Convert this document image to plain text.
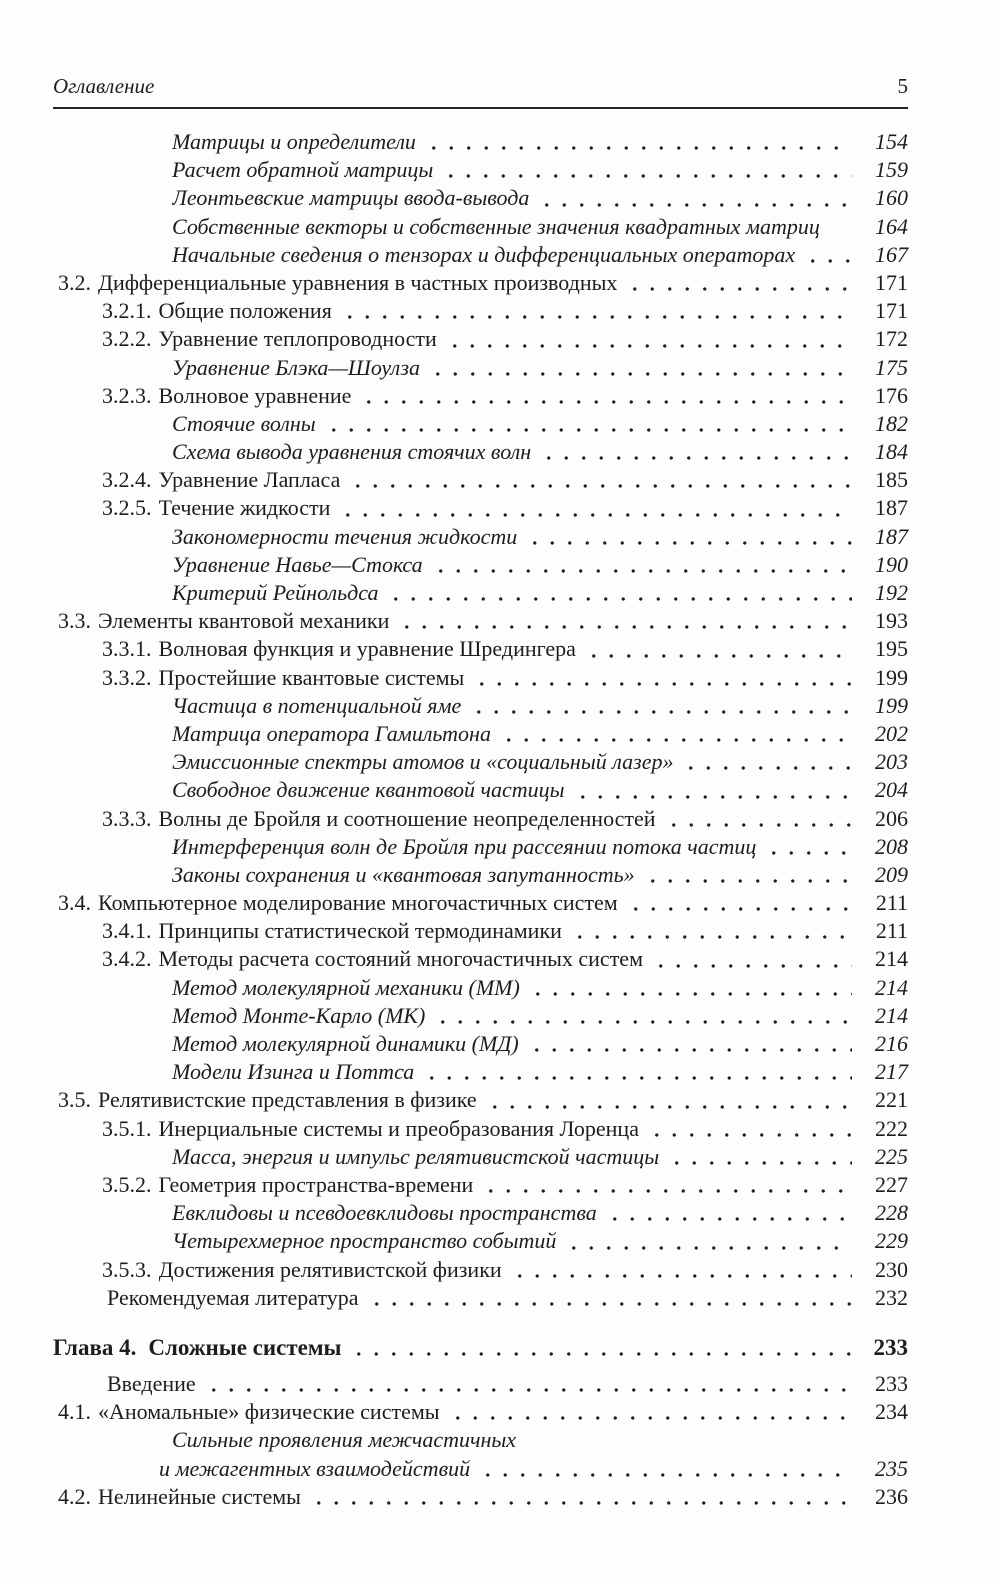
Оглавление	5
Матрицы и определители	154
Расчет обратной матрицы	159
Леонтьевские матрицы ввода-вывода	160
Собственные векторы и собственные значения квадратных матриц	164
Начальные сведения о тензорах и дифференциальных операторах	167
3.2. Дифференциальные уравнения в частных производных	171
3.2.1. Общие положения	171
3.2.2. Уравнение теплопроводности	172
Уравнение Блэка—Шоулза	175
3.2.3. Волновое уравнение	176
Стоячие волны	182
Схема вывода уравнения стоячих волн	184
3.2.4. Уравнение Лапласа	185
3.2.5. Течение жидкости	187
Закономерности течения жидкости	187
Уравнение Навье—Стокса	190
Критерий Рейнольдса	192
3.3. Элементы квантовой механики	193
3.3.1. Волновая функция и уравнение Шредингера	195
3.3.2. Простейшие квантовые системы	199
Частица в потенциальной яме	199
Матрица оператора Гамильтона	202
Эмиссионные спектры атомов и «социальный лазер»	203
Свободное движение квантовой частицы	204
3.3.3. Волны де Бройля и соотношение неопределенностей	206
Интерференция волн де Бройля при рассеянии потока частиц	208
Законы сохранения и «квантовая запутанность»	209
3.4. Компьютерное моделирование многочастичных систем	211
3.4.1. Принципы статистической термодинамики	211
3.4.2. Методы расчета состояний многочастичных систем	214
Метод молекулярной механики (ММ)	214
Метод Монте-Карло (МК)	214
Метод молекулярной динамики (МД)	216
Модели Изинга и Поттса	217
3.5. Релятивистские представления в физике	221
3.5.1. Инерциальные системы и преобразования Лоренца	222
Масса, энергия и импульс релятивистской частицы	225
3.5.2. Геометрия пространства-времени	227
Евклидовы и псевдоевклидовы пространства	228
Четырехмерное пространство событий	229
3.5.3. Достижения релятивистской физики	230
Рекомендуемая литература	232
Глава 4. Сложные системы	233
Введение	233
4.1. «Аномальные» физические системы	234
Сильные проявления межчастичных
и межагентных взаимодействий	235
4.2. Нелинейные системы	236
